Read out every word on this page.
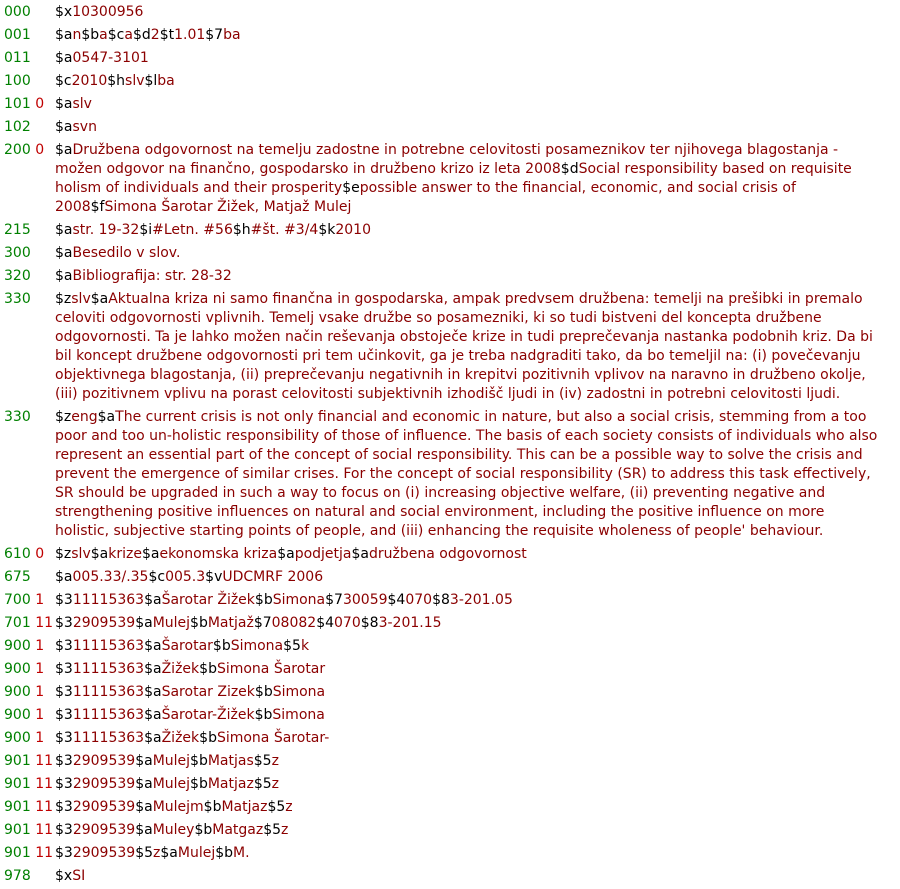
000	$x10300956
001	$an$ba$ca$d2$t1.01$7ba
011	$a0547-3101
100	$c2010$hslv$lba
101 0 $aslv
102	$asvn
200 0 $aDružbena odgovornost na temelju zadostne in potrebne celovitosti posameznikov ter njihovega blagostanja - možen odgovor na finančno, gospodarsko in družbeno krizo iz leta 2008$dSocial responsibility based on requisite holism of individuals and their prosperity$epossible answer to the financial, economic, and social crisis of 2008$fSimona Šarotar Žižek, Matjaž Mulej
215	$astr. 19-32$i#Letn. #56$h#št. #3/4$k2010
300	$aBesedilo v slov.
320	$aBibliografija: str. 28-32
330	$zslv$aAktualna kriza ni samo finančna in gospodarska, ampak predvsem družbena: temelji na prešibki in premalo celoviti odgovornosti vplivnih. Temelj vsake družbe so posamezniki, ki so tudi bistveni del koncepta družbene odgovornosti. Ta je lahko možen način reševanja obstoječe krize in tudi preprečevanja nastanka podobnih kriz. Da bi bil koncept družbene odgovornosti pri tem učinkovit, ga je treba nadgraditi tako, da bo temeljil na: (i) povečevanju objektivnega blagostanja, (ii) preprečevanju negativnih in krepitvi pozitivnih vplivov na naravno in družbeno okolje, (iii) pozitivnem vplivu na porast celovitosti subjektivnih izhodišč ljudi in (iv) zadostni in potrebni celovitosti ljudi.
330	$zeng$aThe current crisis is not only financial and economic in nature, but also a social crisis, stemming from a too poor and too un-holistic responsibility of those of influence. The basis of each society consists of individuals who also represent an essential part of the concept of social responsibility. This can be a possible way to solve the crisis and prevent the emergence of similar crises. For the concept of social responsibility (SR) to address this task effectively, SR should be upgraded in such a way to focus on (i) increasing objective welfare, (ii) preventing negative and strengthening positive influences on natural and social environment, including the positive influence on more holistic, subjective starting points of people, and (iii) enhancing the requisite wholeness of people' behaviour.
610 0 $zslv$akrize$aekonomska kriza$apodjetja$adružbena odgovornost
675	$a005.33/.35$c005.3$vUDCMRF 2006
700 1 $311115363$aŠarotar Žižek$bSimona$730059$4070$83-201.05
701 11 $32909539$aMulej$bMatjaž$708082$4070$83-201.15
900 1 $311115363$aŠarotar$bSimona$5k
900 1 $311115363$aŽižek$bSimona Šarotar
900 1 $311115363$aSarotar Zizek$bSimona
900 1 $311115363$aŠarotar-Žižek$bSimona
900 1 $311115363$aŽižek$bSimona Šarotar-
901 11 $32909539$aMulej$bMatjas$5z
901 11 $32909539$aMulej$bMatjaz$5z
901 11 $32909539$aMulejm$bMatjaz$5z
901 11 $32909539$aMuley$bMatgaz$5z
901 11 $32909539$5z$aMulej$bM.
978	$xSI
